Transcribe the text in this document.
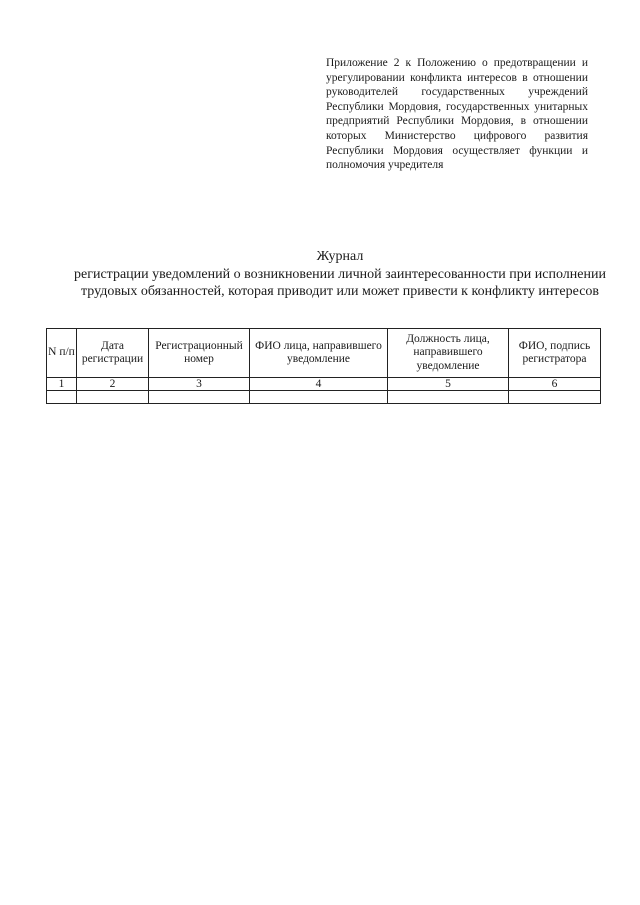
Приложение 2 к Положению о предотвращении и урегулировании конфликта интересов в отношении руководителей государственных учреждений Республики Мордовия, государственных унитарных предприятий Республики Мордовия, в отношении которых Министерство цифрового развития Республики Мордовия осуществляет функции и полномочия учредителя
Журнал
регистрации уведомлений о возникновении личной заинтересованности при исполнении трудовых обязанностей, которая приводит или может привести к конфликту интересов
N п/п	Дата регистрации	Регистрационный номер	ФИО лица, направившего уведомление	Должность лица, направившего уведомление	ФИО, подпись регистратора
1	2	3	4	5	6
